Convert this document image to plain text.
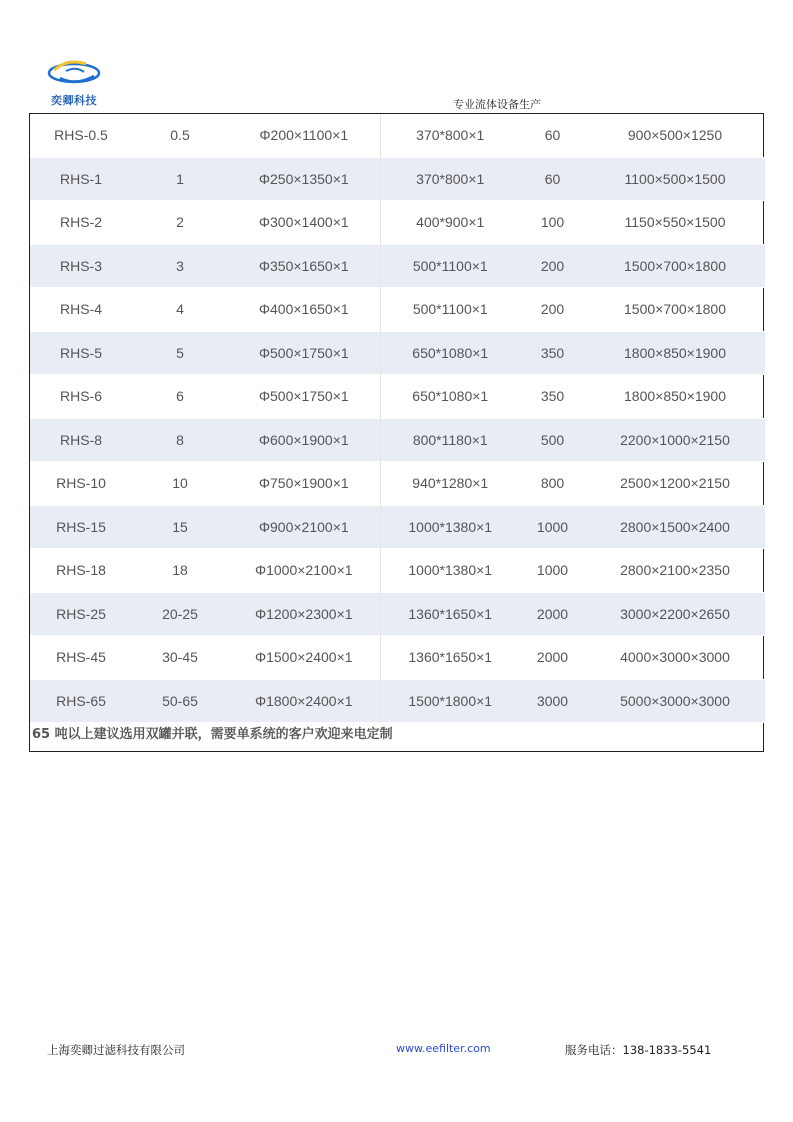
奕卿科技	专业流体设备生产
RHS-0.5	0.5	Φ200×1100×1	370*800×1	60	900×500×1250
RHS-1	1	Φ250×1350×1	370*800×1	60	1100×500×1500
RHS-2	2	Φ300×1400×1	400*900×1	100	1150×550×1500
RHS-3	3	Φ350×1650×1	500*1100×1	200	1500×700×1800
RHS-4	4	Φ400×1650×1	500*1100×1	200	1500×700×1800
RHS-5	5	Φ500×1750×1	650*1080×1	350	1800×850×1900
RHS-6	6	Φ500×1750×1	650*1080×1	350	1800×850×1900
RHS-8	8	Φ600×1900×1	800*1180×1	500	2200×1000×2150
RHS-10	10	Φ750×1900×1	940*1280×1	800	2500×1200×2150
RHS-15	15	Φ900×2100×1	1000*1380×1	1000	2800×1500×2400
RHS-18	18	Φ1000×2100×1	1000*1380×1	1000	2800×2100×2350
RHS-25	20-25	Φ1200×2300×1	1360*1650×1	2000	3000×2200×2650
RHS-45	30-45	Φ1500×2400×1	1360*1650×1	2000	4000×3000×3000
RHS-65	50-65	Φ1800×2400×1	1500*1800×1	3000	5000×3000×3000
65 吨以上建议选用双罐并联，需要单系统的客户欢迎来电定制
上海奕卿过滤科技有限公司	www.eefilter.com	服务电话：138-1833-5541
